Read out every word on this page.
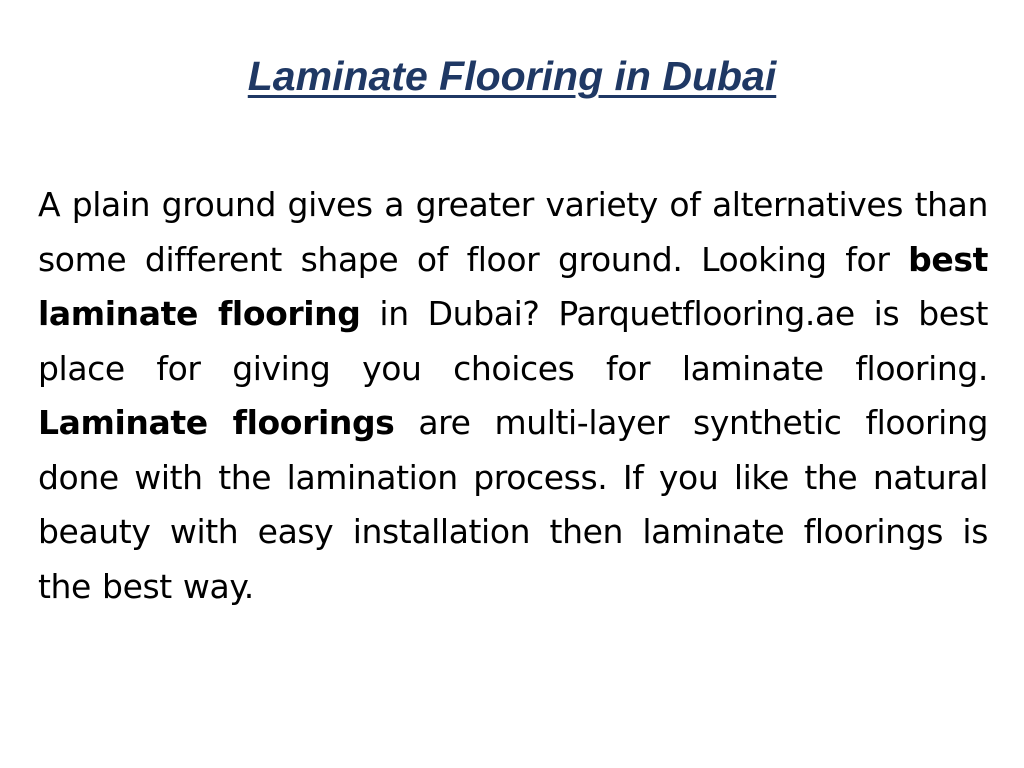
Laminate Flooring in Dubai
A plain ground gives a greater variety of alternatives than some different shape of floor ground. Looking for best laminate flooring in Dubai? Parquetflooring.ae is best place for giving you choices for laminate flooring. Laminate floorings are multi-layer synthetic flooring done with the lamination process. If you like the natural beauty with easy installation then laminate floorings is the best way.
